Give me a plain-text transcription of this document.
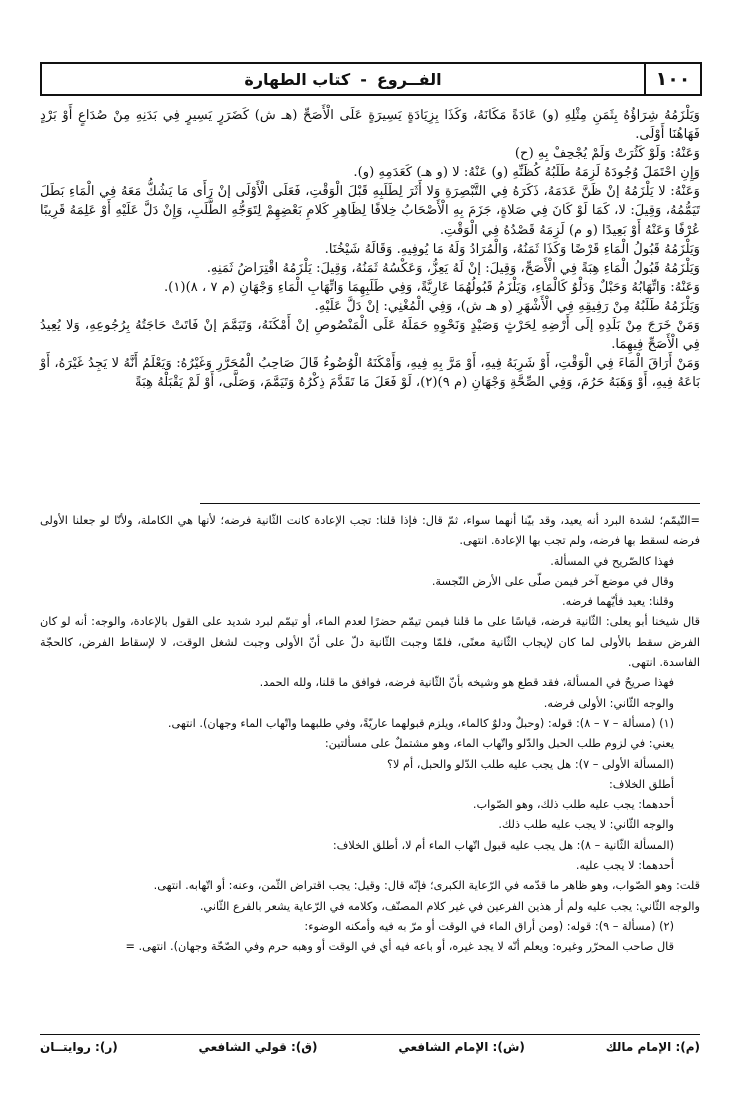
١٠٠
الفــروع
-
كتاب الطهارة

وَيَلْزَمُهُ شِرَاؤُهُ بِثَمَنِ مِثْلِهِ (و) عَادَةً مَكَانَهُ، وَكَذَا بِزِيَادَةٍ يَسِيرَةٍ عَلَى الْأَصَحِّ (هـ ش) كَضَرَرٍ يَسِيرٍ فِي بَدَنِهِ مِنْ صُدَاعٍ أَوْ بَرْدٍ فَهَاهُنَا أَوْلَى.

وَعَنْهُ: وَلَوْ كَثُرَتْ وَلَمْ يُجْحِفْ بِهِ (ح)

وَإِنِ احْتَمَلَ وُجُودَهُ لَزِمَهُ طَلَبُهُ كُظَنِّهِ (و) عَنْهُ: لا (و هـ) كَعَدَمِهِ (و).

وَعَنْهُ: لا يَلْزَمُهُ إنْ ظَنَّ عَدَمَهُ، ذَكَرَهُ فِي التَّبْصِرَةِ وَلا أَثَرَ لِطَلَبِهِ قَبْلَ الْوَقْتِ، فَعَلَى الْأَوْلَى إنْ رَأَى مَا يَشُكُّ مَعَهُ فِي الْمَاءِ بَطَلَ تَيَمُّمُهُ، وَقِيلَ: لا، كَمَا لَوْ كَانَ فِي صَلاةٍ، جَزَمَ بِهِ الْأَصْحَابُ خِلافًا لِظَاهِرِ كَلامِ بَعْضِهِمْ لِتَوَجُّهِ الطَّلَبِ، وَإِنْ دَلَّ عَلَيْهِ أَوْ عَلِمَهُ قَرِيبًا عُرْفًا وَعَنْهُ أَوْ بَعِيدًا (و م) لَزِمَهُ قَصْدُهُ فِي الْوَقْتِ.

وَيَلْزَمُهُ قَبُولُ الْمَاءِ قَرْضًا وَكَذَا ثَمَنُهُ، وَالْمُرَادُ وَلَهُ مَا يُوفِيهِ. وَقَالَهُ شَيْخُنَا.

وَيَلْزَمُهُ قَبُولُ الْمَاءِ هِبَةً فِي الْأَصَحِّ، وَقِيلَ: إنْ لَهُ يَعِزُّ، وَعَكْسُهُ ثَمَنُهُ، وَقِيلَ: يَلْزَمُهُ اقْتِرَاضُ ثَمَنِهِ.

وَعَنْهُ: وَاتِّهَابُهُ وَحَبْلٌ وَدَلْوٌ كَالْمَاءِ، وَيَلْزَمُ قَبُولُهُمَا عَارِيَّةً، وَفِي طَلَبِهِمَا وَاتِّهَابِ الْمَاءِ وَجْهَانِ (م ٧ ، ٨)(١).

وَيَلْزَمُهُ طَلَبُهُ مِنْ رَفِيقِهِ فِي الْأَشْهَرِ (و هـ ش)، وَفِي الْمُغْنِي: إنْ دَلَّ عَلَيْهِ.

وَمَنْ خَرَجَ مِنْ بَلَدِهِ إلَى أَرْضِهِ لِحَرْثٍ وَصَيْدٍ وَنَحْوِهِ حَمَلَهُ عَلَى الْمَنْصُوصِ إنْ أَمْكَنَهُ، وَتَيَمَّمَ إنْ فَاتَتْ حَاجَتُهُ بِرُجُوعِهِ، وَلا يُعِيدُ فِي الْأَصَحِّ فِيهِمَا.

وَمَنْ أَرَاقَ الْمَاءَ فِي الْوَقْتِ، أَوْ شَرِبَهُ فِيهِ، أَوْ مَرَّ بِهِ فِيهِ، وَأَمْكَنَهُ الْوُضُوءُ قَالَ صَاحِبُ الْمُحَرَّرِ وَغَيْرُهُ: وَيَعْلَمُ أَنَّهُ لا يَجِدُ غَيْرَهُ، أَوْ بَاعَهُ فِيهِ، أَوْ وَهَبَهُ حَرُمَ، وَفِي الصِّحَّةِ وَجْهَانِ (م ٩)(٢)، لَوْ فَعَلَ مَا تَقَدَّمَ ذِكْرُهُ وَتَيَمَّمَ، وَصَلَّى، أَوْ لَمْ يَقْبَلْهُ هِبَةً

=التّيمّم؛ لشدة البرد أنه يعيد، وقد بيّنا أنهما سواء، ثمّ قال: فإذا قلنا: تجب الإعادة كانت الثّانية فرضه؛ لأنها هي الكاملة، ولأنّا لو جعلنا الأولى فرضه لسقط بها فرضه، ولم تجب بها الإعادة. انتهى.

فهذا كالصّريح في المسألة.

وقال في موضع آخر فيمن صلّى على الأرض النّجسة.

وقلنا: يعيد فأيّهما فرضه.

قال شيخنا أبو يعلى: الثّانية فرضه، قياسًا على ما قلنا فيمن تيمّم حضرًا لعدم الماء، أو تيمّم لبرد شديد على القول بالإعادة، والوجه: أنه لو كان الفرض سقط بالأولى لما كان لإيجاب الثّانية معنًى، فلمّا وجبت الثّانية دلّ على أنّ الأولى وجبت لشغل الوقت، لا لإسقاط الفرض، كالحجّة الفاسدة. انتهى.

فهذا صريحٌ في المسألة، فقد قطع هو وشيخه بأنّ الثّانية فرضه، فوافق ما قلنا، ولله الحمد.

والوجه الثّاني: الأولى فرضه.

(١) (مسألة – ٧ – ٨): قوله: (وحبلٌ ودلوٌ كالماء، ويلزم قبولهما عاريّةً، وفي طلبهما واتّهاب الماء وجهان). انتهى.

يعني: في لزوم طلب الحبل والدّلو واتّهاب الماء، وهو مشتملٌ على مسألتين:

(المسألة الأولى – ٧): هل يجب عليه طلب الدّلو والحبل، أم لا؟

أطلق الخلاف:

أحدهما: يجب عليه طلب ذلك، وهو الصّواب.

والوجه الثّاني: لا يجب عليه طلب ذلك.

(المسألة الثّانية – ٨): هل يجب عليه قبول اتّهاب الماء أم لا، أطلق الخلاف:

أحدهما: لا يجب عليه.

قلت: وهو الصّواب، وهو ظاهر ما قدّمه في الرّعاية الكبرى؛ فإنّه قال: وقيل: يجب اقتراض الثّمن، وعنه: أو اتّهابه. انتهى.

والوجه الثّاني: يجب عليه ولم أر هذين الفرعين في غير كلام المصنّف، وكلامه في الرّعاية يشعر بالفرع الثّاني.

(٢) (مسألة – ٩): قوله: (ومن أراق الماء في الوقت أو مرّ به فيه وأمكنه الوضوء:

قال صاحب المحرّر وغيره: ويعلم أنّه لا يجد غيره، أو باعه فيه أي في الوقت أو وهبه حرم وفي الصّحّة وجهان). انتهى. =

(م): الإمام مالك
(ش): الإمام الشافعي
(ق): قولي الشافعي
(ر): روايتــان
